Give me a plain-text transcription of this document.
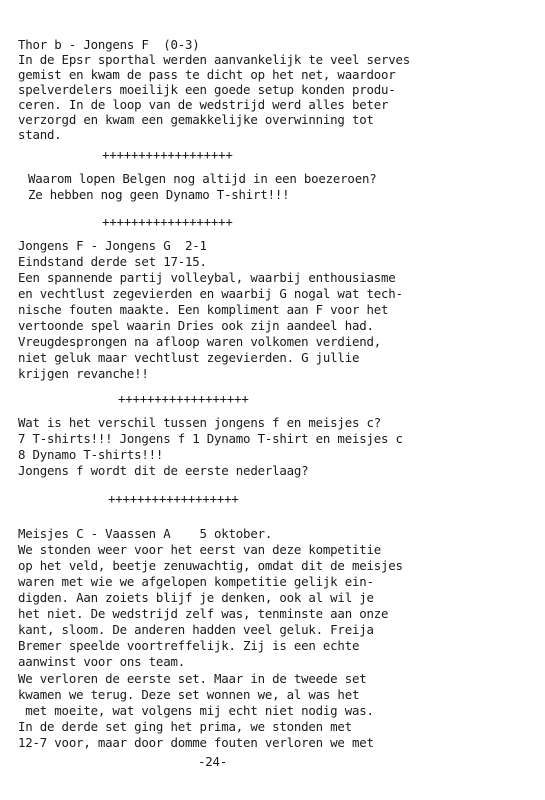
Thor b - Jongens F  (0-3)
In de Epsr sporthal werden aanvankelijk te veel serves
gemist en kwam de pass te dicht op het net, waardoor
spelverdelers moeilijk een goede setup konden produ-
ceren. In de loop van de wedstrijd werd alles beter
verzorgd en kwam een gemakkelijke overwinning tot
stand.
++++++++++++++++++
Waarom lopen Belgen nog altijd in een boezeroen?
Ze hebben nog geen Dynamo T-shirt!!!
++++++++++++++++++
Jongens F - Jongens G  2-1
Eindstand derde set 17-15.
Een spannende partij volleybal, waarbij enthousiasme
en vechtlust zegevierden en waarbij G nogal wat tech-
nische fouten maakte. Een kompliment aan F voor het
vertoonde spel waarin Dries ook zijn aandeel had.
Vreugdesprongen na afloop waren volkomen verdiend,
niet geluk maar vechtlust zegevierden. G jullie
krijgen revanche!!
++++++++++++++++++
Wat is het verschil tussen jongens f en meisjes c?
7 T-shirts!!! Jongens f 1 Dynamo T-shirt en meisjes c
8 Dynamo T-shirts!!!
Jongens f wordt dit de eerste nederlaag?
++++++++++++++++++
Meisjes C - Vaassen A    5 oktober.
We stonden weer voor het eerst van deze kompetitie
op het veld, beetje zenuwachtig, omdat dit de meisjes
waren met wie we afgelopen kompetitie gelijk ein-
digden. Aan zoiets blijf je denken, ook al wil je
het niet. De wedstrijd zelf was, tenminste aan onze
kant, sloom. De anderen hadden veel geluk. Freija
Bremer speelde voortreffelijk. Zij is een echte
aanwinst voor ons team.
We verloren de eerste set. Maar in de tweede set
kwamen we terug. Deze set wonnen we, al was het
met moeite, wat volgens mij echt niet nodig was.
In de derde set ging het prima, we stonden met
12-7 voor, maar door domme fouten verloren we met
-24-
